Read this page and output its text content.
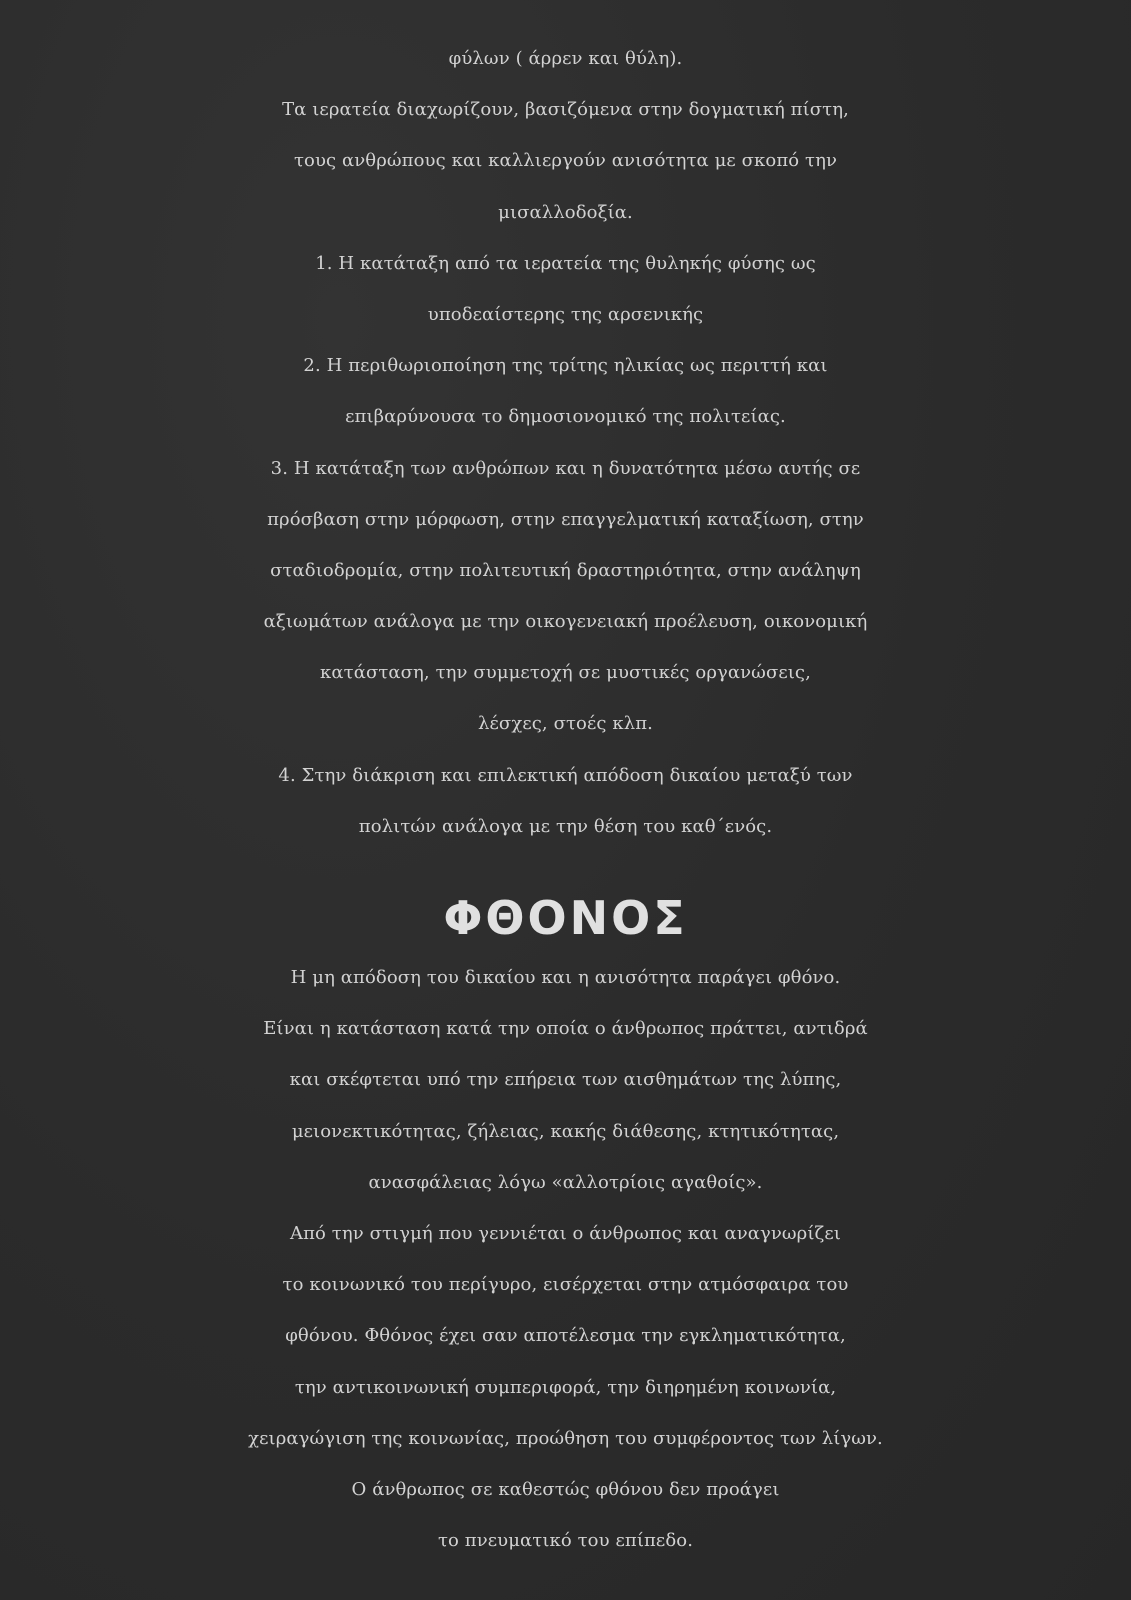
φύλων ( άρρεν και θύλη).
Τα ιερατεία διαχωρίζουν, βασιζόμενα στην δογματική πίστη,
τους ανθρώπους και καλλιεργούν ανισότητα με σκοπό την
μισαλλοδοξία.
1. Η κατάταξη από τα ιερατεία της θυληκής φύσης ως
υποδεαίστερης της αρσενικής
2. Η περιθωριοποίηση της τρίτης ηλικίας ως περιττή και
επιβαρύνουσα το δημοσιονομικό της πολιτείας.
3. Η κατάταξη των ανθρώπων και η δυνατότητα μέσω αυτής σε
πρόσβαση στην μόρφωση, στην επαγγελματική καταξίωση, στην
σταδιοδρομία, στην πολιτευτική δραστηριότητα, στην ανάληψη
αξιωμάτων ανάλογα με την οικογενειακή προέλευση, οικονομική
κατάσταση, την συμμετοχή σε μυστικές οργανώσεις,
λέσχες, στοές κλπ.
4. Στην διάκριση και επιλεκτική απόδοση δικαίου μεταξύ των
πολιτών ανάλογα με την θέση του καθ΄ενός.
ΦΘΟΝΟΣ
Η μη απόδοση του δικαίου και η ανισότητα παράγει φθόνο.
Είναι η κατάσταση κατά την οποία ο άνθρωπος πράττει, αντιδρά
και σκέφτεται υπό την επήρεια των αισθημάτων της λύπης,
μειονεκτικότητας, ζήλειας, κακής διάθεσης, κτητικότητας,
ανασφάλειας λόγω «αλλοτρίοις αγαθοίς».
Από την στιγμή που γεννιέται ο άνθρωπος και αναγνωρίζει
το κοινωνικό του περίγυρο, εισέρχεται στην ατμόσφαιρα του
φθόνου. Φθόνος έχει σαν αποτέλεσμα την εγκληματικότητα,
την αντικοινωνική συμπεριφορά, την διηρημένη κοινωνία,
χειραγώγιση της κοινωνίας, προώθηση του συμφέροντος των λίγων.
Ο άνθρωπος σε καθεστώς φθόνου δεν προάγει
το πνευματικό του επίπεδο.
